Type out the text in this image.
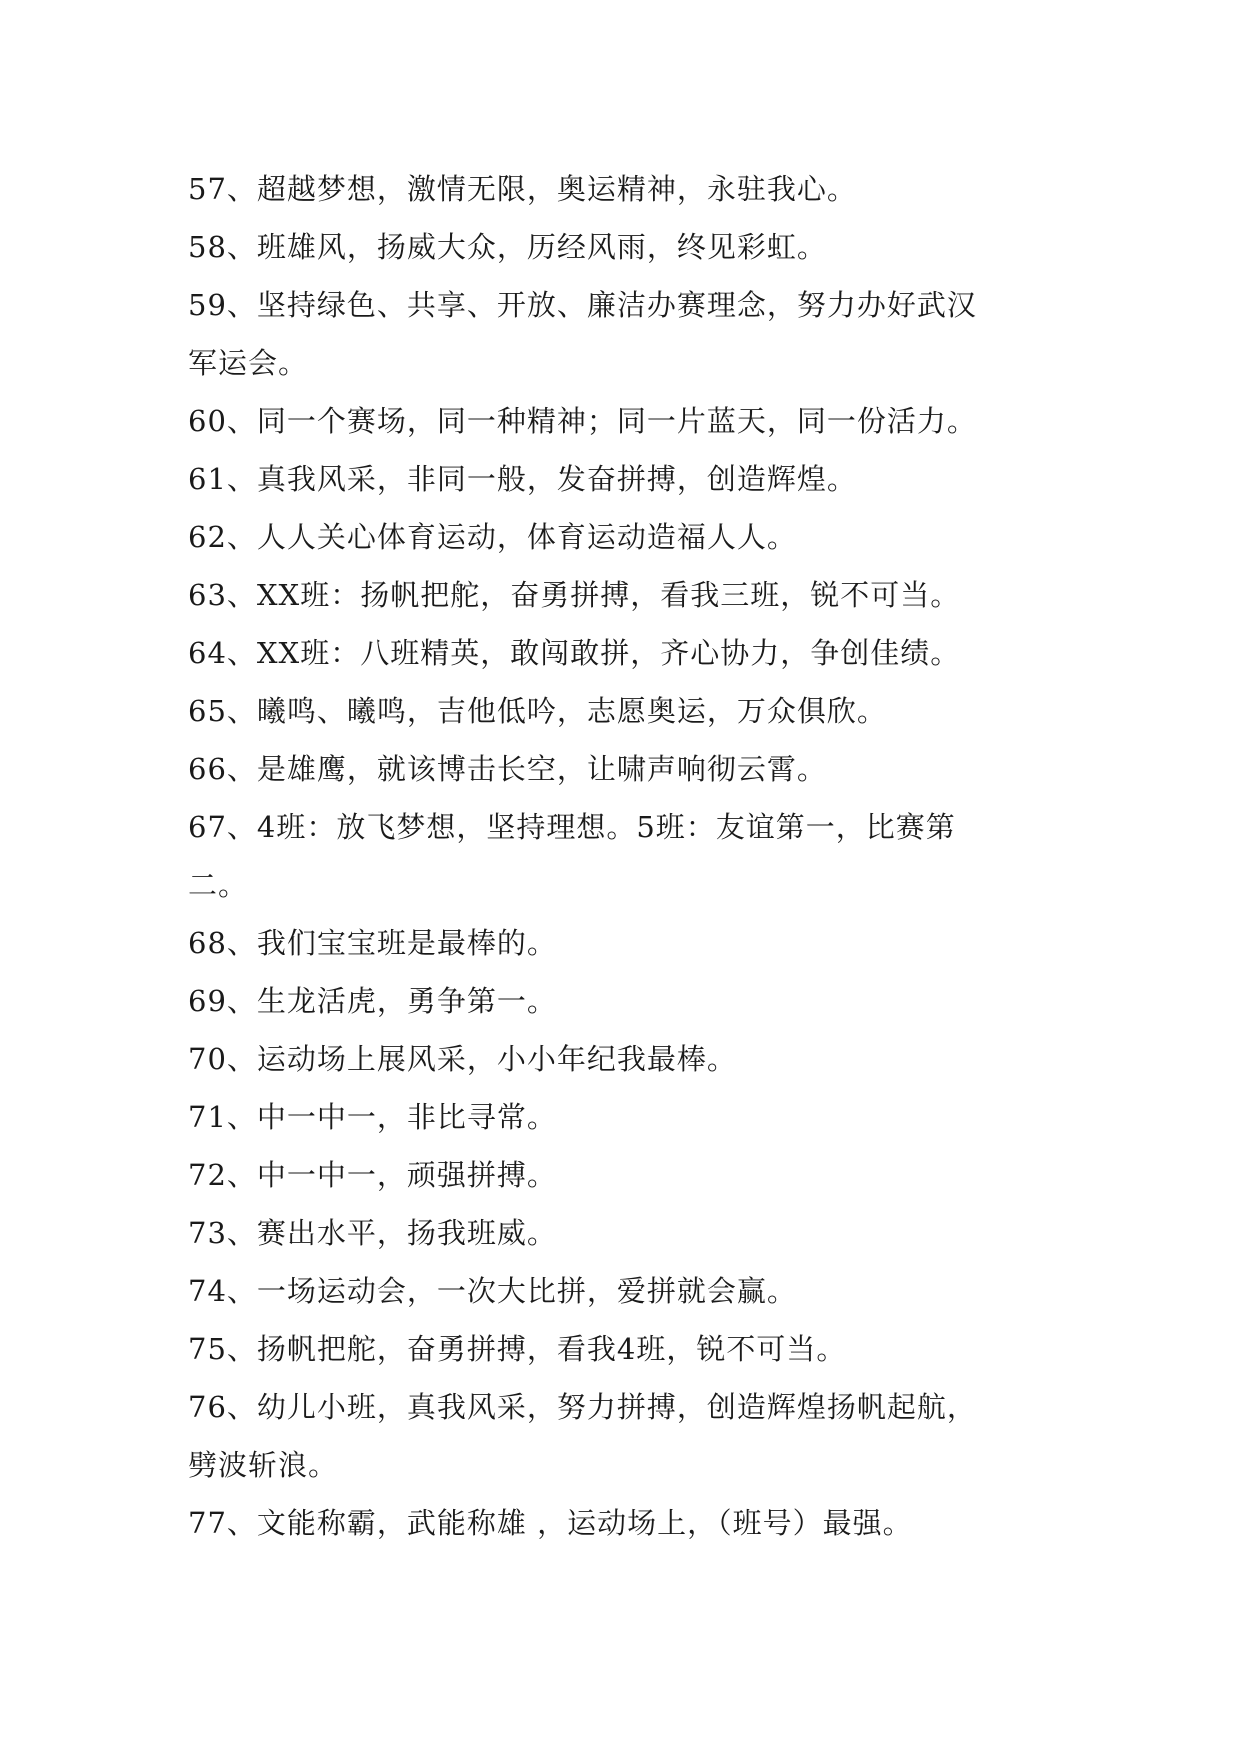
57、超越梦想，激情无限，奥运精神，永驻我心。
58、班雄风，扬威大众，历经风雨，终见彩虹。
59、坚持绿色、共享、开放、廉洁办赛理念，努力办好武汉
军运会。
60、同一个赛场，同一种精神；同一片蓝天，同一份活力。
61、真我风采，非同一般，发奋拼搏，创造辉煌。
62、人人关心体育运动，体育运动造福人人。
63、XX班：扬帆把舵，奋勇拼搏，看我三班，锐不可当。
64、XX班：八班精英，敢闯敢拼，齐心协力，争创佳绩。
65、曦鸣、曦鸣，吉他低吟，志愿奥运，万众俱欣。
66、是雄鹰，就该博击长空，让啸声响彻云霄。
67、4班：放飞梦想，坚持理想。5班：友谊第一，比赛第
二。
68、我们宝宝班是最棒的。
69、生龙活虎，勇争第一。
70、运动场上展风采，小小年纪我最棒。
71、中一中一，非比寻常。
72、中一中一，顽强拼搏。
73、赛出水平，扬我班威。
74、一场运动会，一次大比拼，爱拼就会赢。
75、扬帆把舵，奋勇拼搏，看我4班，锐不可当。
76、幼儿小班，真我风采，努力拼搏，创造辉煌扬帆起航，
劈波斩浪。
77、文能称霸，武能称雄 ，运动场上，（班号）最强。
